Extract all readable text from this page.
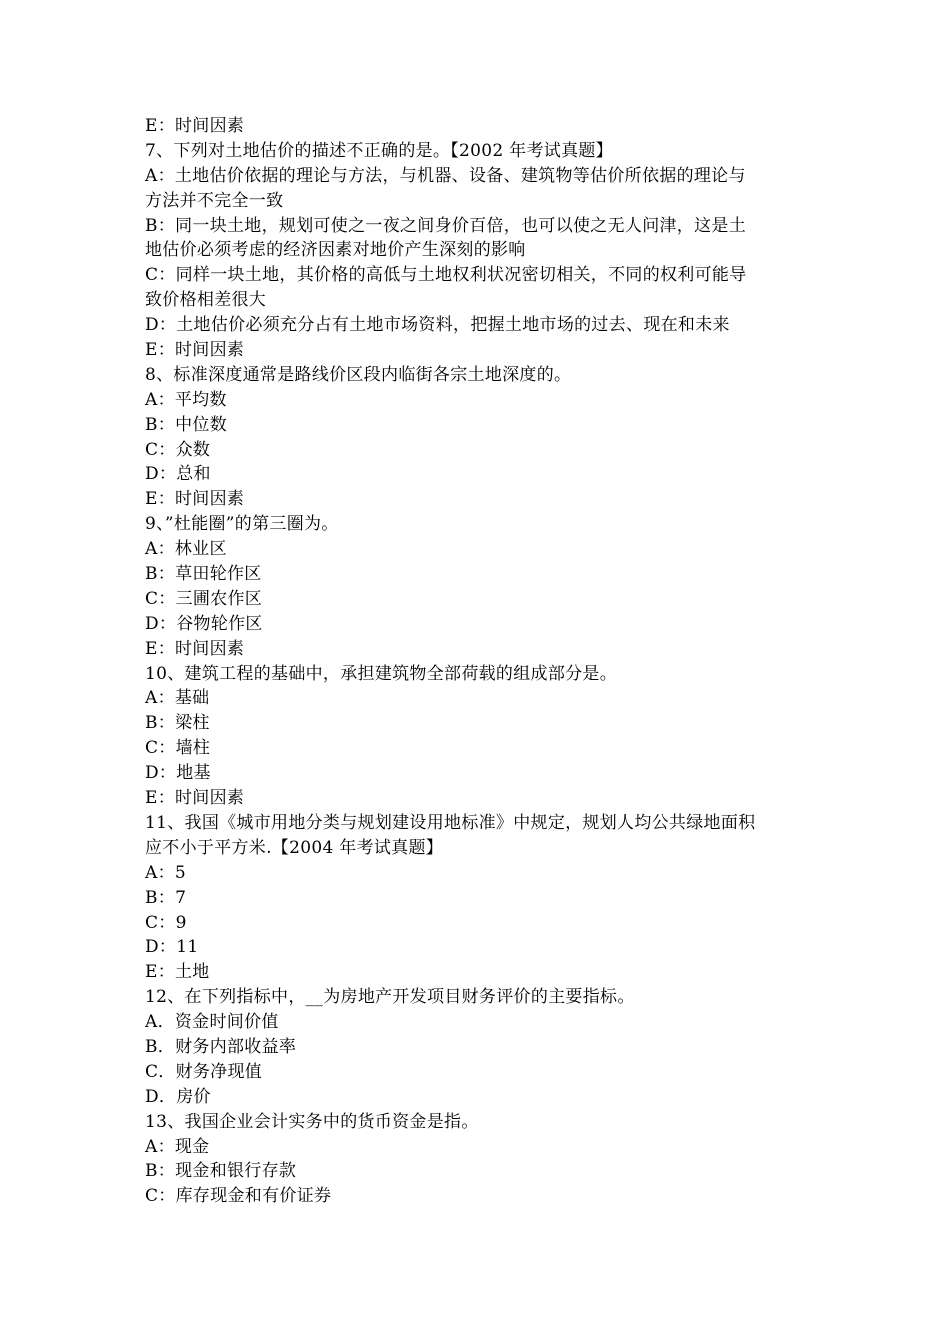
E：时间因素
7、下列对土地估价的描述不正确的是。【2002 年考试真题】
A：土地估价依据的理论与方法，与机器、设备、建筑物等估价所依据的理论与
方法并不完全一致
B：同一块土地，规划可使之一夜之间身价百倍，也可以使之无人问津，这是土
地估价必须考虑的经济因素对地价产生深刻的影响
C：同样一块土地，其价格的高低与土地权利状况密切相关，不同的权利可能导
致价格相差很大
D：土地估价必须充分占有土地市场资料，把握土地市场的过去、现在和未来
E：时间因素
8、标准深度通常是路线价区段内临街各宗土地深度的。
A：平均数
B：中位数
C：众数
D：总和
E：时间因素
9、”杜能圈”的第三圈为。
A：林业区
B：草田轮作区
C：三圃农作区
D：谷物轮作区
E：时间因素
10、建筑工程的基础中，承担建筑物全部荷载的组成部分是。
A：基础
B：梁柱
C：墙柱
D：地基
E：时间因素
11、我国《城市用地分类与规划建设用地标准》中规定，规划人均公共绿地面积
应不小于平方米.【2004 年考试真题】
A：5
B：7
C：9
D：11
E：土地
12、在下列指标中，__为房地产开发项目财务评价的主要指标。
A．资金时间价值
B．财务内部收益率
C．财务净现值
D．房价
13、我国企业会计实务中的货币资金是指。
A：现金
B：现金和银行存款
C：库存现金和有价证券
